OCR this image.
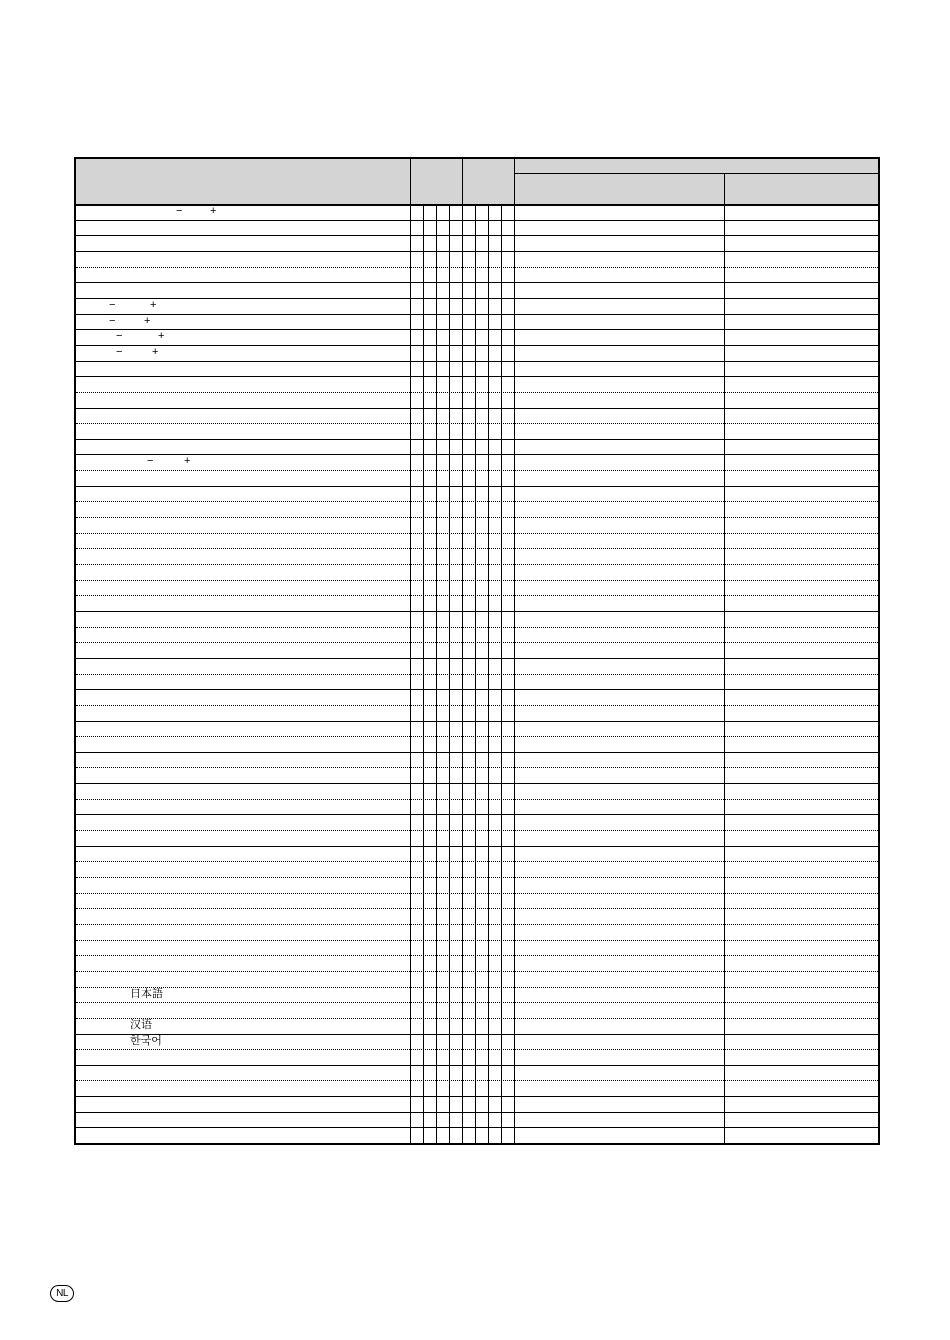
−	+
−	+
−	+
−	+
−	+
−	+
日本語
汉语
한국어
NL
